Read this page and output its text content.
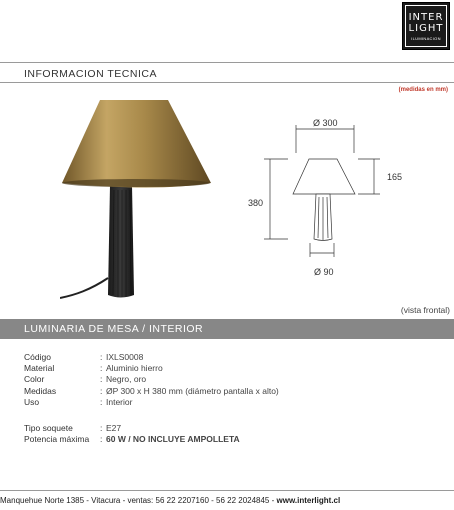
INTER
LIGHT
ILUMINACION
INFORMACION TECNICA
(medidas en mm)
Ø 300
380
165
Ø 90
(vista frontal)
LUMINARIA DE MESA / INTERIOR
Código	: IXLS0008
Material	: Aluminio hierro
Color	: Negro, oro
Medidas	: ØP 300 x H 380 mm (diámetro pantalla x alto)
Uso	: Interior
Tipo soquete	: E27
Potencia máxima	: 60 W / NO INCLUYE AMPOLLETA
Manquehue Norte 1385 - Vitacura - ventas: 56 22 2207160 - 56 22 2024845 - www.interlight.cl
